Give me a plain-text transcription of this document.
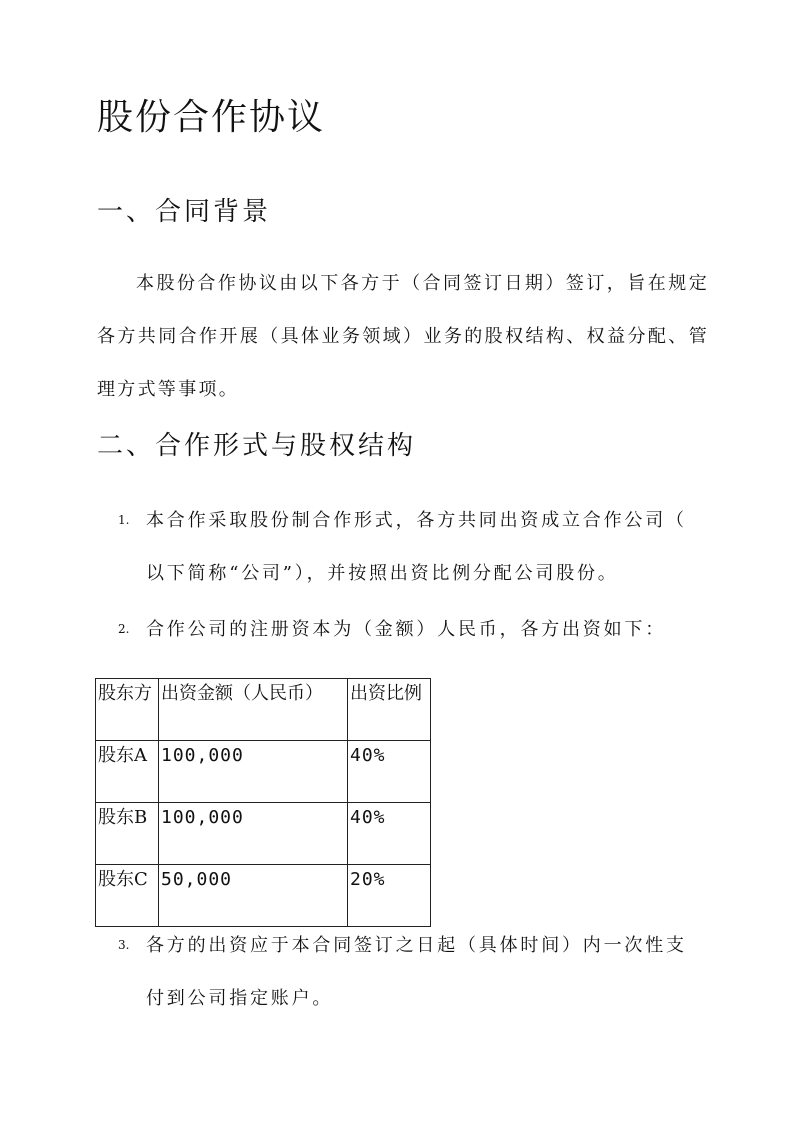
股份合作协议
一、合同背景

本股份合作协议由以下各方于（合同签订日期）签订，旨在规定各方共同合作开展（具体业务领域）业务的股权结构、权益分配、管理方式等事项。

二、合作形式与股权结构
1. 本合作采取股份制合作形式，各方共同出资成立合作公司（
以下简称“公司”），并按照出资比例分配公司股份。
2. 合作公司的注册资本为（金额）人民币，各方出资如下：
股东方	出资金额（人民币）	出资比例
股东A	100,000	40%
股东B	100,000	40%
股东C	50,000	20%
3. 各方的出资应于本合同签订之日起（具体时间）内一次性支
付到公司指定账户。
